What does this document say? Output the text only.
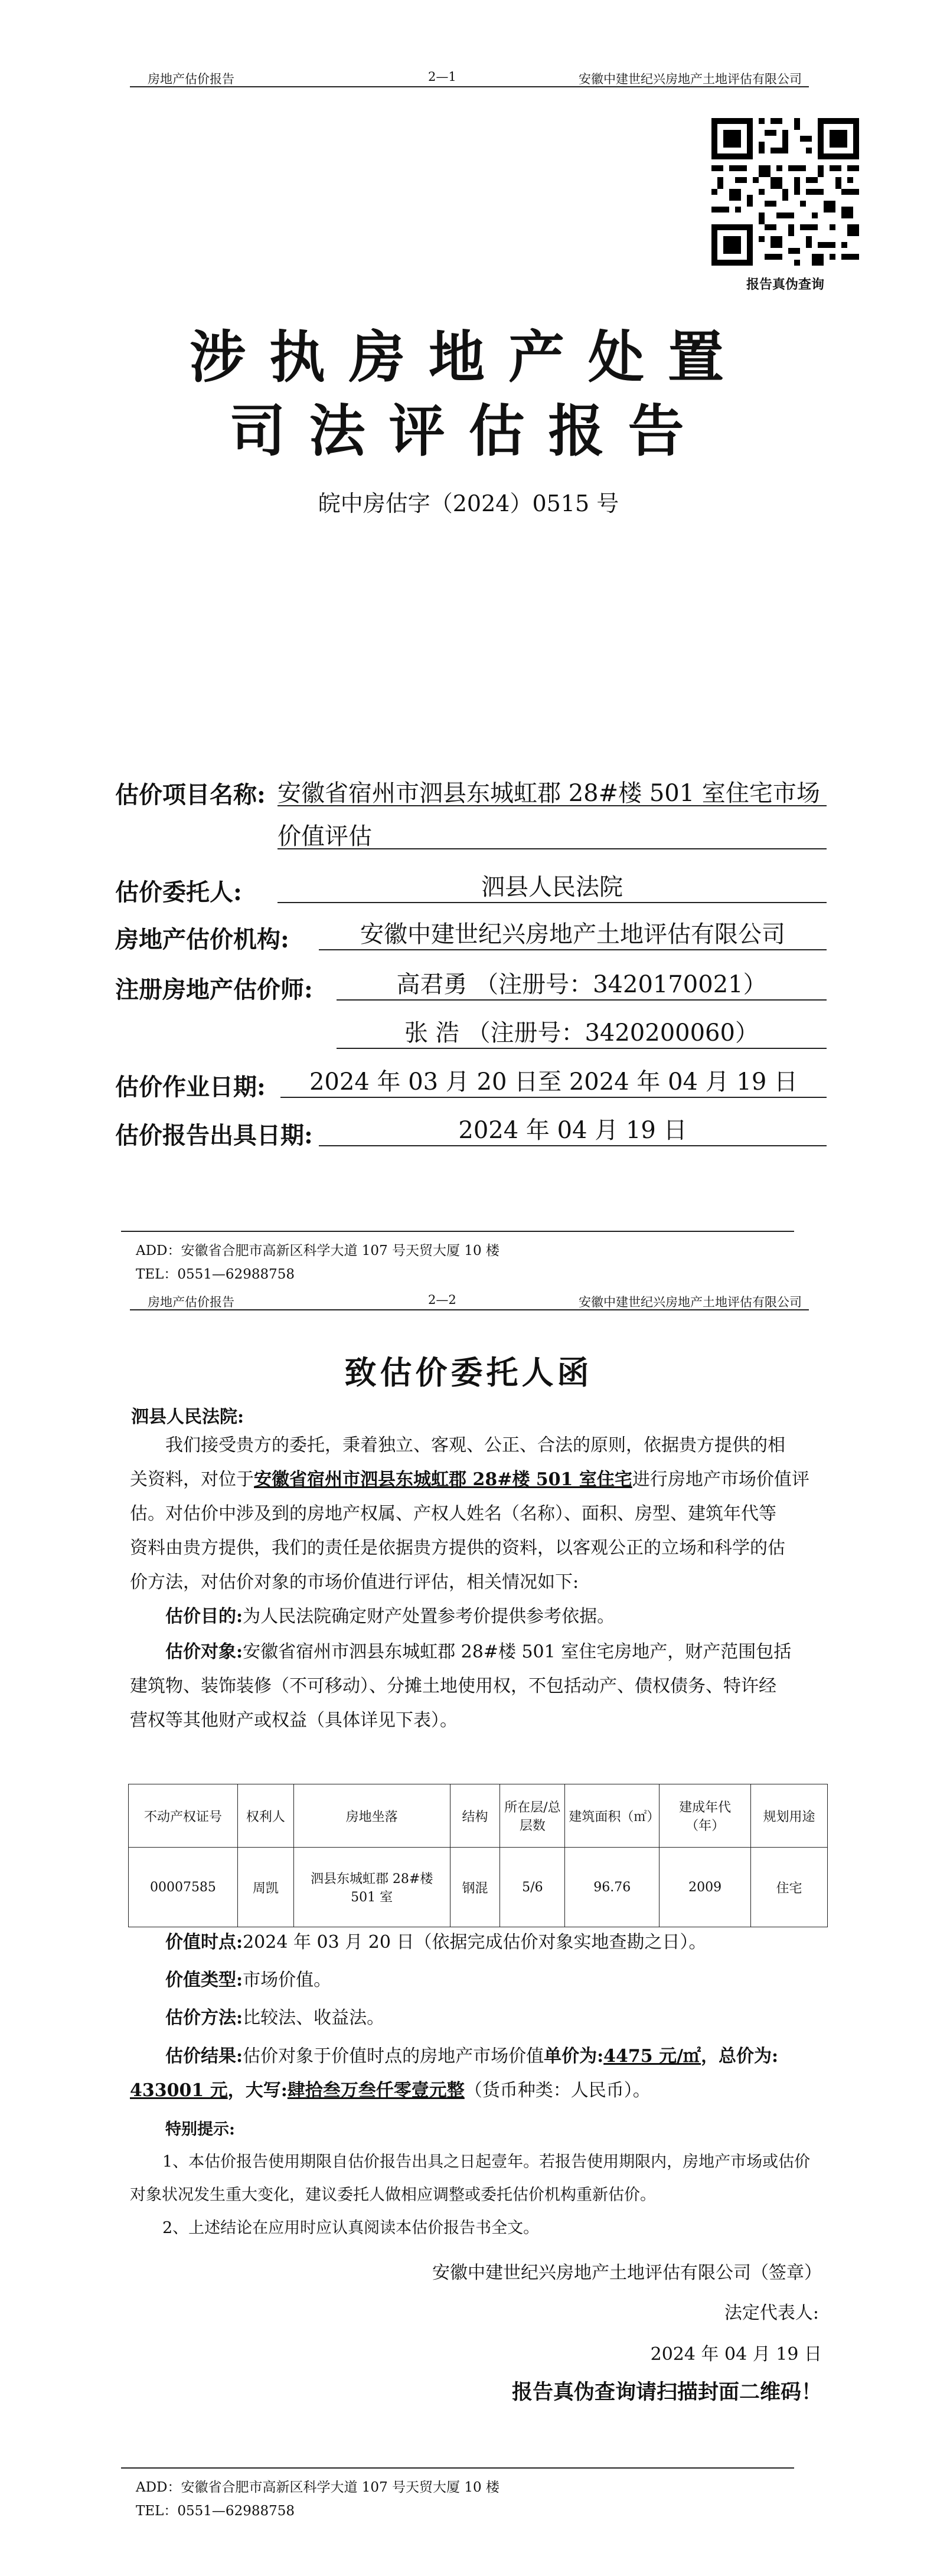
房地产估价报告	2—1	安徽中建世纪兴房地产土地评估有限公司
报告真伪查询
涉执房地产处置
司法评估报告
皖中房估字（2024）0515 号
估价项目名称: 安徽省宿州市泗县东城虹郡 28#楼 501 室住宅市场
价值评估
估价委托人:	泗县人民法院
房地产估价机构:	安徽中建世纪兴房地产土地评估有限公司
注册房地产估价师:	高君勇 （注册号：3420170021）
张 浩 （注册号：3420200060）
估价作业日期:	2024 年 03 月 20 日至 2024 年 04 月 19 日
估价报告出具日期:	2024 年 04 月 19 日
ADD：安徽省合肥市高新区科学大道 107 号天贸大厦 10 楼
TEL：0551—62988758
房地产估价报告	2—2	安徽中建世纪兴房地产土地评估有限公司
致估价委托人函
泗县人民法院:
我们接受贵方的委托，秉着独立、客观、公正、合法的原则，依据贵方提供的相
关资料，对位于安徽省宿州市泗县东城虹郡 28#楼 501 室住宅进行房地产市场价值评
估。对估价中涉及到的房地产权属、产权人姓名（名称）、面积、房型、建筑年代等
资料由贵方提供，我们的责任是依据贵方提供的资料，以客观公正的立场和科学的估
价方法，对估价对象的市场价值进行评估，相关情况如下:
估价目的:为人民法院确定财产处置参考价提供参考依据。
估价对象:安徽省宿州市泗县东城虹郡 28#楼 501 室住宅房地产，财产范围包括
建筑物、装饰装修（不可移动）、分摊土地使用权，不包括动产、债权债务、特许经
营权等其他财产或权益（具体详见下表）。
不动产权证号	权利人	房地坐落	结构	所在层/总层数	建筑面积（㎡）	建成年代（年）	规划用途
00007585	周凯	泗县东城虹郡 28#楼 501 室	钢混	5/6	96.76	2009	住宅
价值时点:2024 年 03 月 20 日（依据完成估价对象实地查勘之日）。
价值类型:市场价值。
估价方法:比较法、收益法。
估价结果:估价对象于价值时点的房地产市场价值单价为:4475 元/㎡，总价为:
433001 元，大写:肆拾叁万叁仟零壹元整（货币种类：人民币）。
特别提示:
1、本估价报告使用期限自估价报告出具之日起壹年。若报告使用期限内，房地产市场或估价
对象状况发生重大变化，建议委托人做相应调整或委托估价机构重新估价。
2、上述结论在应用时应认真阅读本估价报告书全文。
安徽中建世纪兴房地产土地评估有限公司（签章）
法定代表人:
2024 年 04 月 19 日
报告真伪查询请扫描封面二维码！
ADD：安徽省合肥市高新区科学大道 107 号天贸大厦 10 楼
TEL：0551—62988758
